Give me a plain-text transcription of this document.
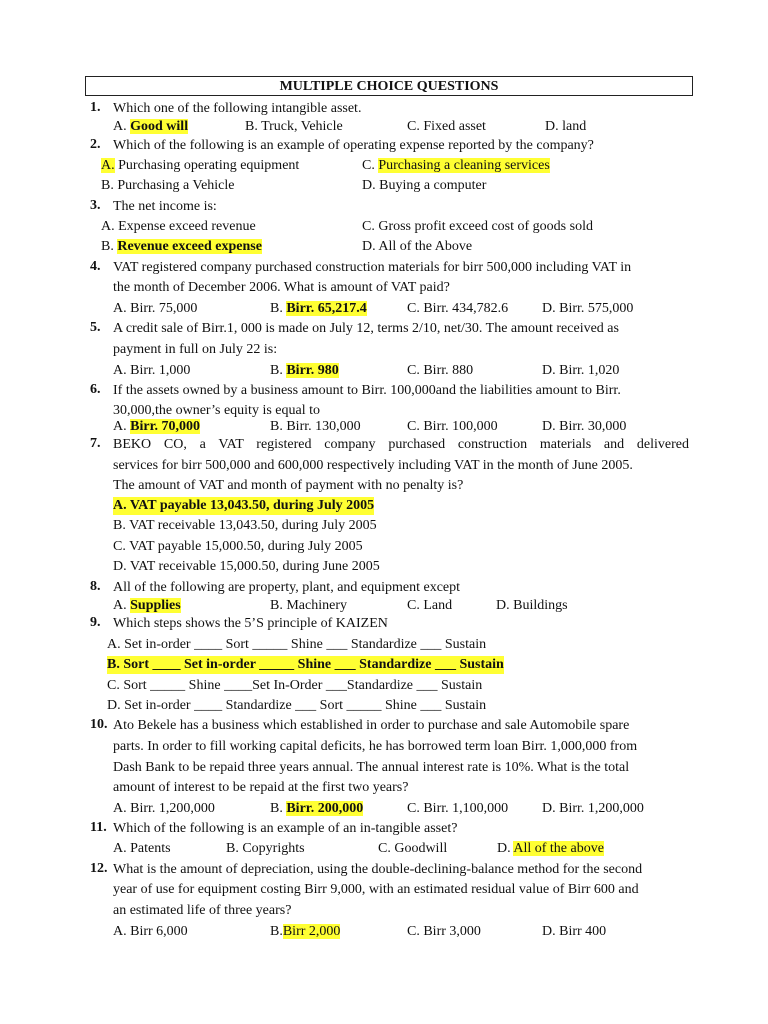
MULTIPLE CHOICE QUESTIONS
1. Which one of the following intangible asset.
A. Good will	B. Truck, Vehicle	C. Fixed asset	D. land
2. Which of the following is an example of operating expense reported by the company?
A. Purchasing operating equipment	C. Purchasing a cleaning services
B. Purchasing a Vehicle	D. Buying a computer
3. The net income is:
A. Expense exceed revenue	C. Gross profit exceed cost of goods sold
B. Revenue exceed expense	D. All of the Above
4. VAT registered company purchased construction materials for birr 500,000 including VAT in
the month of December 2006. What is amount of VAT paid?
A. Birr. 75,000	B. Birr. 65,217.4	C. Birr. 434,782.6 D. Birr. 575,000
5. A credit sale of Birr.1, 000 is made on July 12, terms 2/10, net/30. The amount received as
payment in full on July 22 is:
A. Birr. 1,000	B. Birr. 980	C. Birr. 880	D. Birr. 1,020
6. If the assets owned by a business amount to Birr. 100,000and the liabilities amount to Birr.
30,000,the owner’s equity is equal to
A. Birr. 70,000	B. Birr. 130,000	C. Birr. 100,000	D. Birr. 30,000
7. BEKO CO, a VAT registered company purchased construction materials and delivered
services for birr 500,000 and 600,000 respectively including VAT in the month of June 2005.
The amount of VAT and month of payment with no penalty is?
A. VAT payable 13,043.50, during July 2005
B. VAT receivable 13,043.50, during July 2005
C. VAT payable 15,000.50, during July 2005
D. VAT receivable 15,000.50, during June 2005
8. All of the following are property, plant, and equipment except
A. Supplies	B. Machinery	C. Land	D. Buildings
9. Which steps shows the 5’S principle of KAIZEN
A. Set in-order ____ Sort _____ Shine ___ Standardize ___ Sustain
B. Sort ____ Set in-order _____ Shine ___ Standardize ___ Sustain
C. Sort _____ Shine ____Set In-Order ___Standardize ___ Sustain
D. Set in-order ____ Standardize ___ Sort _____ Shine ___ Sustain
10. Ato Bekele has a business which established in order to purchase and sale Automobile spare
parts. In order to fill working capital deficits, he has borrowed term loan Birr. 1,000,000 from
Dash Bank to be repaid three years annual. The annual interest rate is 10%. What is the total
amount of interest to be repaid at the first two years?
A. Birr. 1,200,000	B. Birr. 200,000	C. Birr. 1,100,000 D. Birr. 1,200,000
11. Which of the following is an example of an in-tangible asset?
A. Patents	B. Copyrights	C. Goodwill	D. All of the above
12. What is the amount of depreciation, using the double-declining-balance method for the second
year of use for equipment costing Birr 9,000, with an estimated residual value of Birr 600 and
an estimated life of three years?
A. Birr 6,000	B.Birr 2,000	C. Birr 3,000	D. Birr 400
